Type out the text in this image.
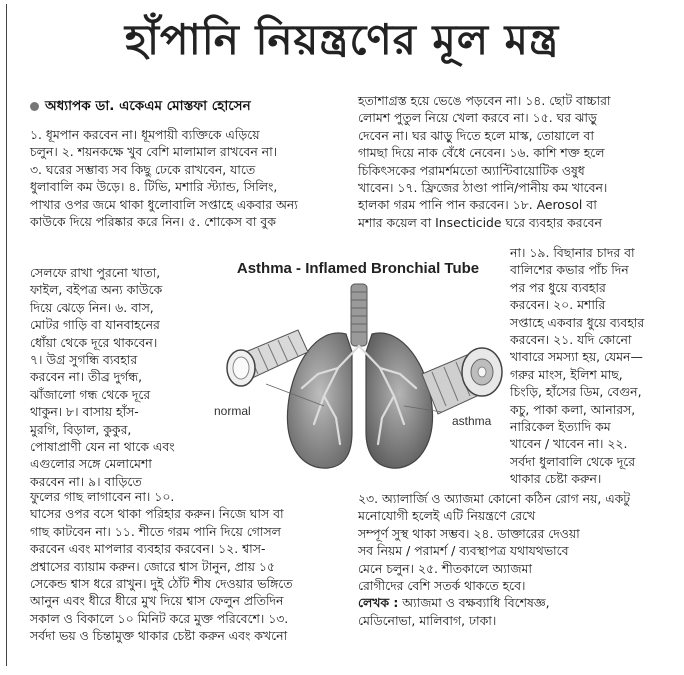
হাঁপানি নিয়ন্ত্রণের মূল মন্ত্র
অধ্যাপক ডা. একেএম মোস্তফা হোসেন

১. ধূমপান করবেন না। ধূমপায়ী ব্যক্তিকে এড়িয়ে

চলুন। ২. শয়নকক্ষে খুব বেশি মালামাল রাখবেন না।

৩. ঘরের সম্ভাব্য সব কিছু ঢেকে রাখবেন, যাতে

ধুলাবালি কম উড়ে। ৪. টিভি, মশারি স্ট্যান্ড, সিলিং,

পাখার ওপর জমে থাকা ধুলোবালি সপ্তাহে একবার অন্য

কাউকে দিয়ে পরিষ্কার করে নিন। ৫. শোকেস বা বুক

সেলফে রাখা পুরনো খাতা,

ফাইল, বইপত্র অন্য কাউকে

দিয়ে ঝেড়ে নিন। ৬. বাস,

মোটর গাড়ি বা যানবাহনের

ধোঁয়া থেকে দূরে থাকবেন।

৭। উগ্র সুগন্ধি ব্যবহার

করবেন না। তীব্র দুর্গন্ধ,

ঝাঁজালো গন্ধ থেকে দূরে

থাকুন। ৮। বাসায় হাঁস-

মুরগি, বিড়াল, কুকুর,

পোষাপ্রাণী যেন না থাকে এবং

এগুলোর সঙ্গে মেলামেশা

করবেন না। ৯। বাড়িতে

ফুলের গাছ লাগাবেন না। ১০.

ঘাসের ওপর বসে থাকা পরিহার করুন। নিজে ঘাস বা

গাছ কাটবেন না। ১১. শীতে গরম পানি দিয়ে গোসল

করবেন এবং মাপলার ব্যবহার করবেন। ১২. শ্বাস-

প্রশ্বাসের ব্যায়াম করুন। জোরে শ্বাস টানুন, প্রায় ১৫

সেকেন্ড শ্বাস ধরে রাখুন। দুই ঠোঁট শীষ দেওয়ার ভঙ্গিতে

আনুন এবং ধীরে ধীরে মুখ দিয়ে শ্বাস ফেলুন প্রতিদিন

সকাল ও বিকালে ১০ মিনিট করে মুক্ত পরিবেশে। ১৩.

সর্বদা ভয় ও চিন্তামুক্ত থাকার চেষ্টা করুন এবং কখনো

হতাশাগ্রস্ত হয়ে ভেঙে পড়বেন না। ১৪. ছোট বাচ্চারা

লোমশ পুতুল নিয়ে খেলা করবে না। ১৫. ঘর ঝাড়ু

দেবেন না। ঘর ঝাড়ু দিতে হলে মাস্ক, তোয়ালে বা

গামছা দিয়ে নাক বেঁধে নেবেন। ১৬. কাশি শক্ত হলে

চিকিৎসকের পরামর্শমতো অ্যান্টিবায়োটিক ওষুধ

খাবেন। ১৭. ফ্রিজের ঠাণ্ডা পানি/পানীয় কম খাবেন।

হালকা গরম পানি পান করবেন। ১৮. Aerosol বা

মশার কয়েল বা Insecticide ঘরে ব্যবহার করবেন

না। ১৯. বিছানার চাদর বা

বালিশের কভার পাঁচ দিন

পর পর ধুয়ে ব্যবহার

করবেন। ২০. মশারি

সপ্তাহে একবার ধুয়ে ব্যবহার

করবেন। ২১. যদি কোনো

খাবারে সমস্যা হয়, যেমন—

গরুর মাংস, ইলিশ মাছ,

চিংড়ি, হাঁসের ডিম, বেগুন,

কচু, পাকা কলা, আনারস,

নারিকেল ইত্যাদি কম

খাবেন / খাবেন না। ২২.

সর্বদা ধুলাবালি থেকে দূরে

থাকার চেষ্টা করুন।

২৩. অ্যালার্জি ও অ্যাজমা কোনো কঠিন রোগ নয়, একটু

মনোযোগী হলেই এটি নিয়ন্ত্রণে রেখে

সম্পূর্ণ সুস্থ থাকা সম্ভব। ২৪. ডাক্তারের দেওয়া

সব নিয়ম / পরামর্শ / ব্যবস্থাপত্র যথাযথভাবে

মেনে চলুন। ২৫. শীতকালে অ্যাজমা

রোগীদের বেশি সতর্ক থাকতে হবে।

লেখক : অ্যাজমা ও বক্ষব্যাধি বিশেষজ্ঞ,

মেডিনোভা, মালিবাগ, ঢাকা।

Asthma - Inflamed Bronchial Tube
normal
asthma
